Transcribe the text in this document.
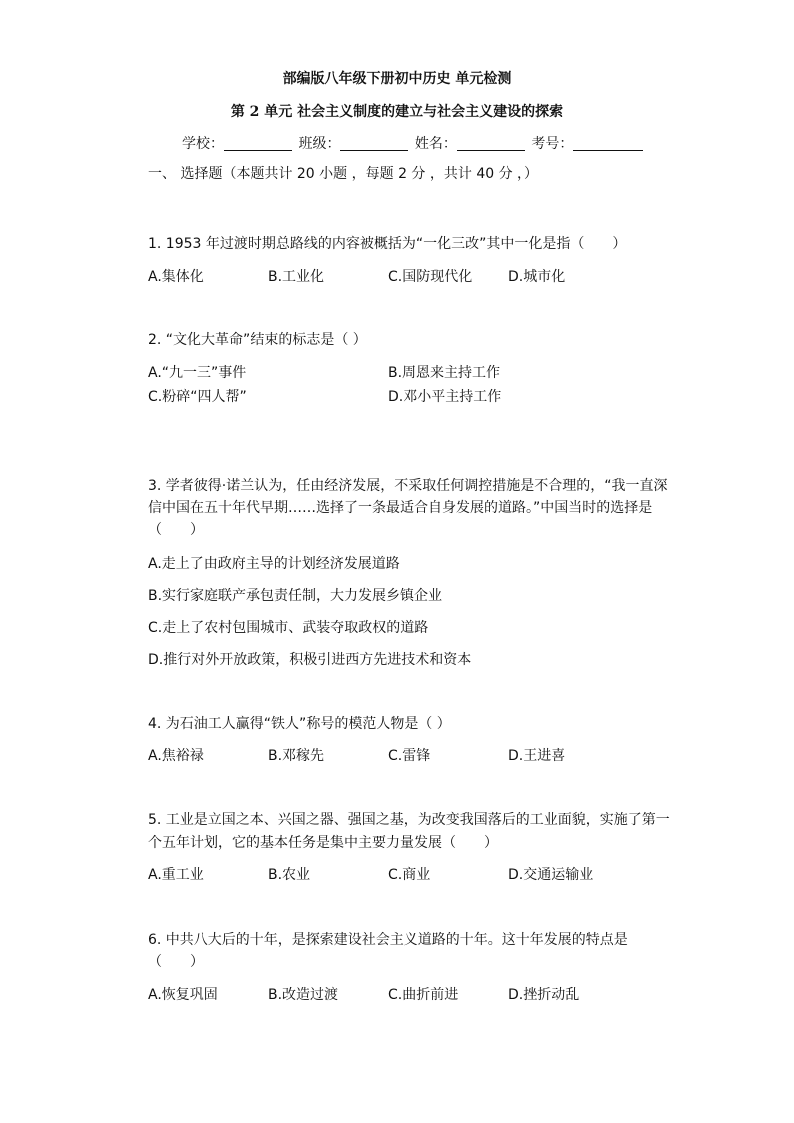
部编版八年级下册初中历史 单元检测
第 2 单元 社会主义制度的建立与社会主义建设的探索
学校：	班级：	姓名：	考号：
一、 选择题（本题共计 20 小题 ，每题 2 分 ，共计 40 分 ，）
1. 1953 年过渡时期总路线的内容被概括为“一化三改”其中一化是指（　　）
A.集体化	B.工业化	C.国防现代化	D.城市化
2. “文化大革命”结束的标志是（ ）
A.“九一三”事件	B.周恩来主持工作
C.粉碎“四人帮”	D.邓小平主持工作
3. 学者彼得·诺兰认为，任由经济发展，不采取任何调控措施是不合理的，“我一直深
信中国在五十年代早期……选择了一条最适合自身发展的道路。”中国当时的选择是
（　　）
A.走上了由政府主导的计划经济发展道路
B.实行家庭联产承包责任制，大力发展乡镇企业
C.走上了农村包围城市、武装夺取政权的道路
D.推行对外开放政策，积极引进西方先进技术和资本
4. 为石油工人赢得“铁人”称号的模范人物是（ ）
A.焦裕禄	B.邓稼先	C.雷锋	D.王进喜
5. 工业是立国之本、兴国之器、强国之基，为改变我国落后的工业面貌，实施了第一
个五年计划，它的基本任务是集中主要力量发展（　　）
A.重工业	B.农业	C.商业	D.交通运输业
6. 中共八大后的十年，是探索建设社会主义道路的十年。这十年发展的特点是
（　　）
A.恢复巩固	B.改造过渡	C.曲折前进	D.挫折动乱
